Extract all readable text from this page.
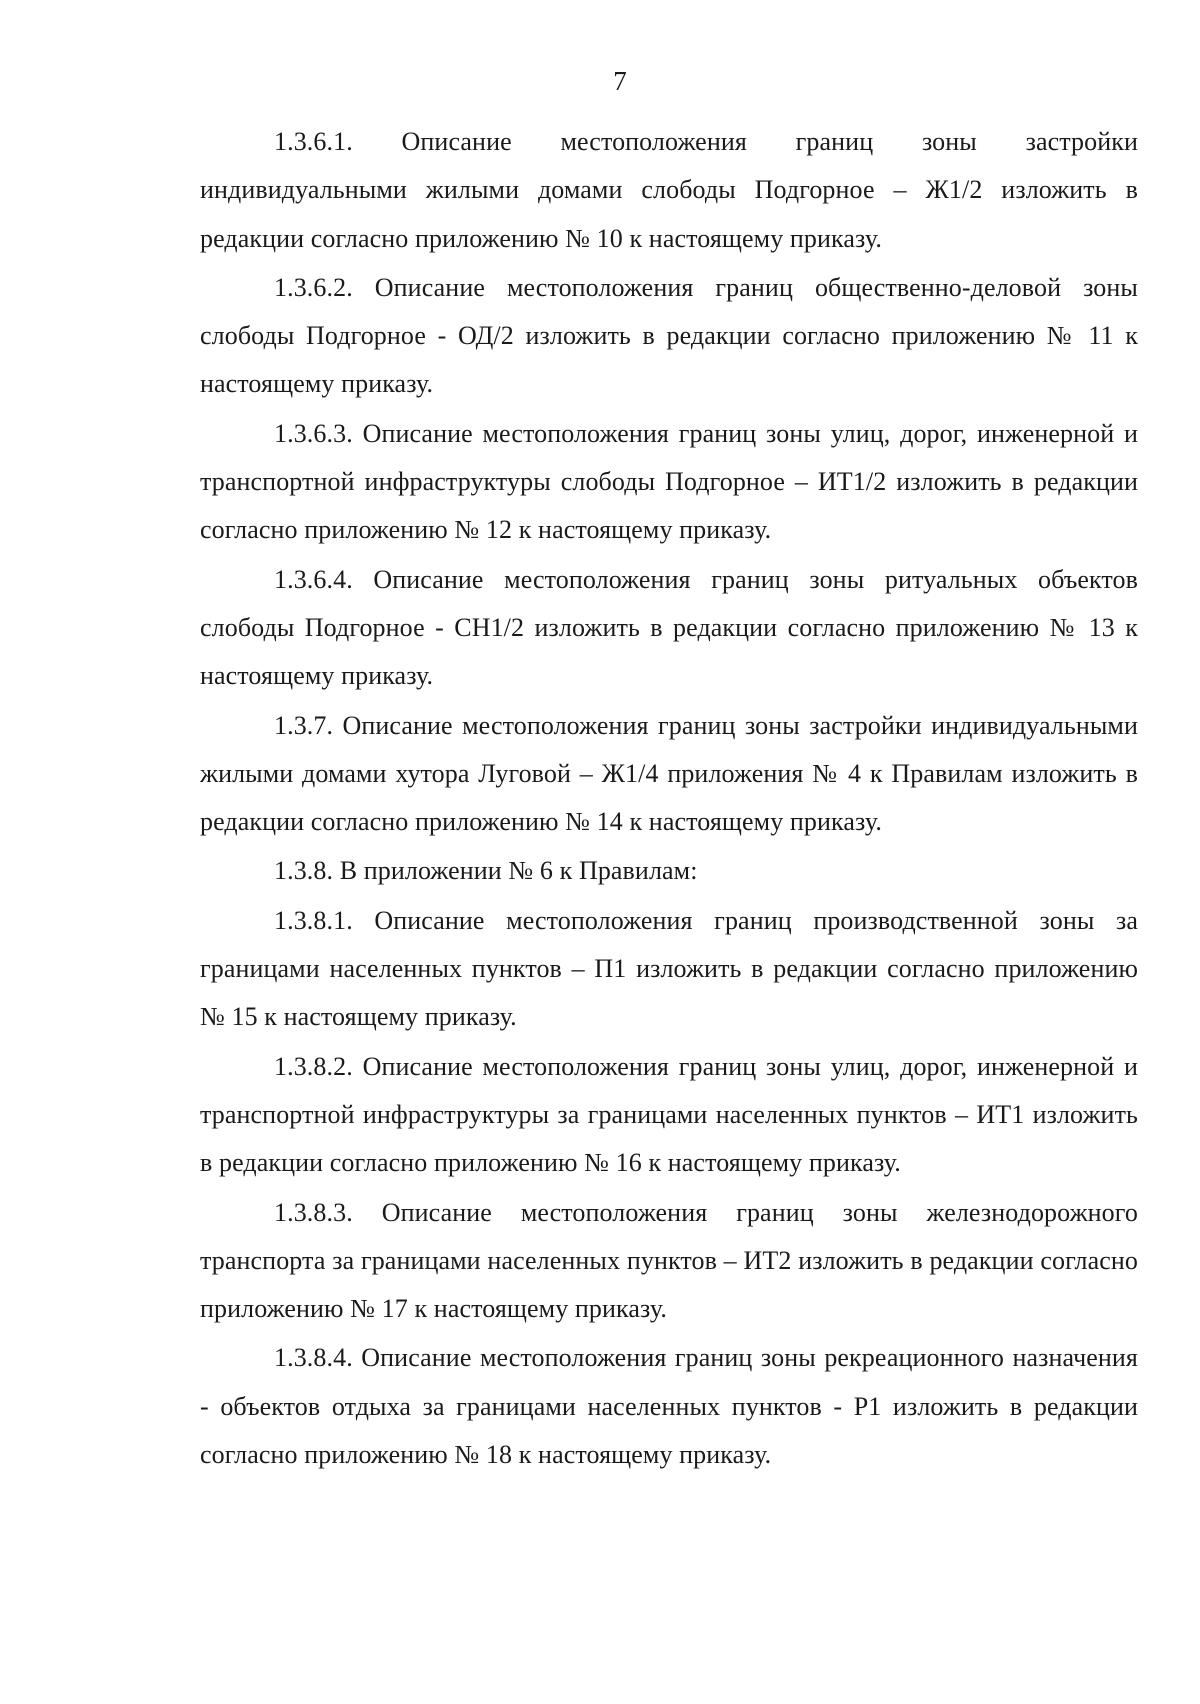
7

1.3.6.1. Описание местоположения границ зоны застройки индивидуальными жилыми домами слободы Подгорное – Ж1/2 изложить в редакции согласно приложению № 10 к настоящему приказу.

1.3.6.2. Описание местоположения границ общественно-деловой зоны слободы Подгорное - ОД/2 изложить в редакции согласно приложению № 11 к настоящему приказу.

1.3.6.3. Описание местоположения границ зоны улиц, дорог, инженерной и транспортной инфраструктуры слободы Подгорное – ИТ1/2 изложить в редакции согласно приложению № 12 к настоящему приказу.

1.3.6.4. Описание местоположения границ зоны ритуальных объектов слободы Подгорное - СН1/2 изложить в редакции согласно приложению № 13 к настоящему приказу.

1.3.7. Описание местоположения границ зоны застройки индивидуальными жилыми домами хутора Луговой – Ж1/4 приложения № 4 к Правилам изложить в редакции согласно приложению № 14 к настоящему приказу.

1.3.8. В приложении № 6 к Правилам:

1.3.8.1. Описание местоположения границ производственной зоны за границами населенных пунктов – П1 изложить в редакции согласно приложению № 15 к настоящему приказу.

1.3.8.2. Описание местоположения границ зоны улиц, дорог, инженерной и транспортной инфраструктуры за границами населенных пунктов – ИТ1 изложить в редакции согласно приложению № 16 к настоящему приказу.

1.3.8.3. Описание местоположения границ зоны железнодорожного транспорта за границами населенных пунктов – ИТ2 изложить в редакции согласно приложению № 17 к настоящему приказу.

1.3.8.4. Описание местоположения границ зоны рекреационного назначения - объектов отдыха за границами населенных пунктов - Р1 изложить в редакции согласно приложению № 18 к настоящему приказу.
